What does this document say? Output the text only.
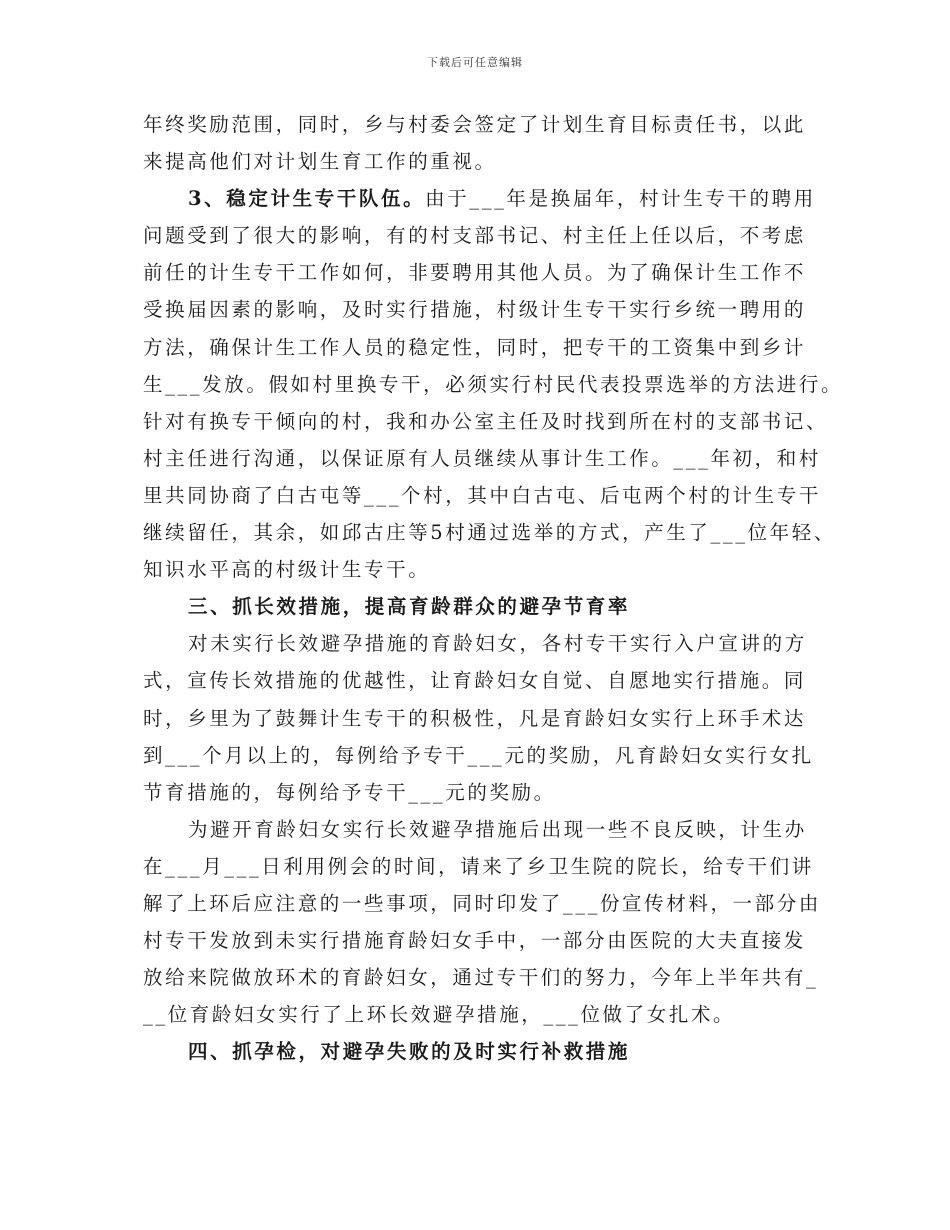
下载后可任意编辑
年终奖励范围，同时，乡与村委会签定了计划生育目标责任书，以此
来提高他们对计划生育工作的重视。
3、稳定计生专干队伍。由于___年是换届年，村计生专干的聘用
问题受到了很大的影响，有的村支部书记、村主任上任以后，不考虑
前任的计生专干工作如何，非要聘用其他人员。为了确保计生工作不
受换届因素的影响，及时实行措施，村级计生专干实行乡统一聘用的
方法，确保计生工作人员的稳定性，同时，把专干的工资集中到乡计
生___发放。假如村里换专干，必须实行村民代表投票选举的方法进行。
针对有换专干倾向的村，我和办公室主任及时找到所在村的支部书记、
村主任进行沟通，以保证原有人员继续从事计生工作。___年初，和村
里共同协商了白古屯等___个村，其中白古屯、后屯两个村的计生专干
继续留任，其余，如邱古庄等5村通过选举的方式，产生了___位年轻、
知识水平高的村级计生专干。
三、抓长效措施，提高育龄群众的避孕节育率
对未实行长效避孕措施的育龄妇女，各村专干实行入户宣讲的方
式，宣传长效措施的优越性，让育龄妇女自觉、自愿地实行措施。同
时，乡里为了鼓舞计生专干的积极性，凡是育龄妇女实行上环手术达
到___个月以上的，每例给予专干___元的奖励，凡育龄妇女实行女扎
节育措施的，每例给予专干___元的奖励。
为避开育龄妇女实行长效避孕措施后出现一些不良反映，计生办
在___月___日利用例会的时间，请来了乡卫生院的院长，给专干们讲
解了上环后应注意的一些事项，同时印发了___份宣传材料，一部分由
村专干发放到未实行措施育龄妇女手中，一部分由医院的大夫直接发
放给来院做放环术的育龄妇女，通过专干们的努力，今年上半年共有_
__位育龄妇女实行了上环长效避孕措施，___位做了女扎术。
四、抓孕检，对避孕失败的及时实行补救措施
